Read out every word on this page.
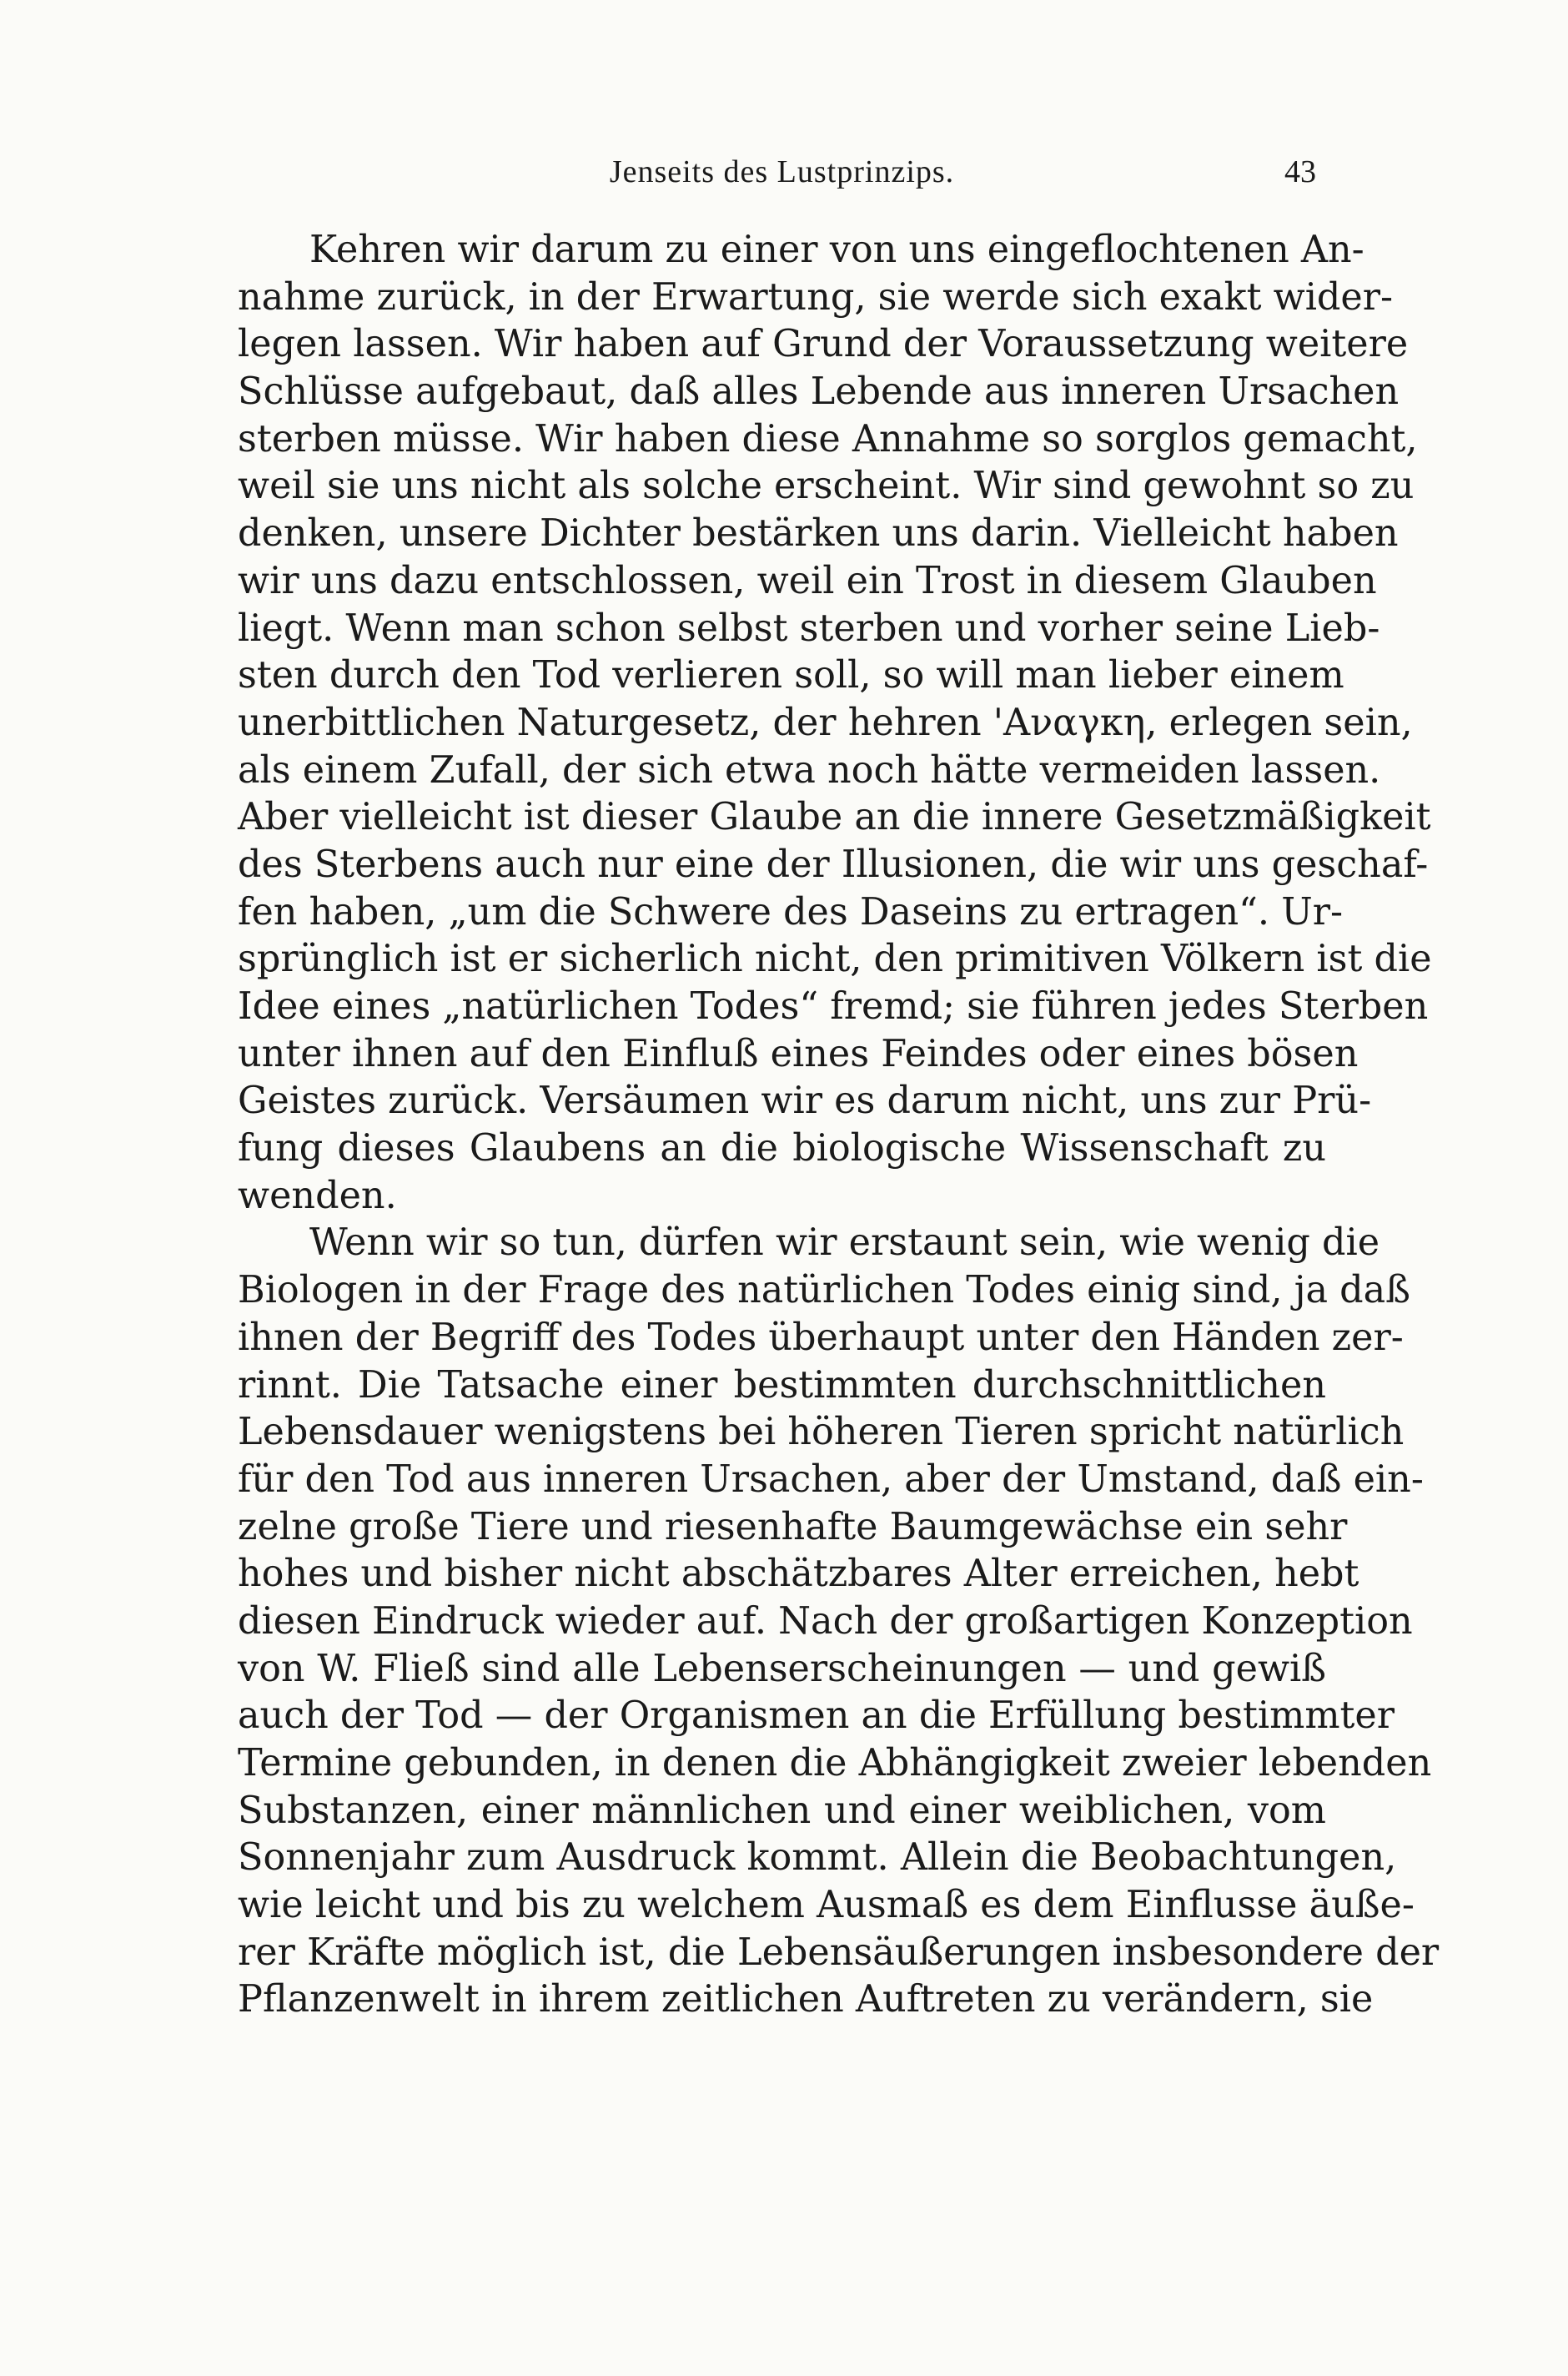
Jenseits des Lustprinzips.	43
Kehren wir darum zu einer von uns eingeflochtenen An-
nahme zurück, in der Erwartung, sie werde sich exakt wider-
legen lassen. Wir haben auf Grund der Voraussetzung weitere
Schlüsse aufgebaut, daß alles Lebende aus inneren Ursachen
sterben müsse. Wir haben diese Annahme so sorglos gemacht,
weil sie uns nicht als solche erscheint. Wir sind gewohnt so zu
denken, unsere Dichter bestärken uns darin. Vielleicht haben
wir uns dazu entschlossen, weil ein Trost in diesem Glauben
liegt. Wenn man schon selbst sterben und vorher seine Lieb-
sten durch den Tod verlieren soll, so will man lieber einem
unerbittlichen Naturgesetz, der hehren 'Αναγκη, erlegen sein,
als einem Zufall, der sich etwa noch hätte vermeiden lassen.
Aber vielleicht ist dieser Glaube an die innere Gesetzmäßigkeit
des Sterbens auch nur eine der Illusionen, die wir uns geschaf-
fen haben, „um die Schwere des Daseins zu ertragen“. Ur-
sprünglich ist er sicherlich nicht, den primitiven Völkern ist die
Idee eines „natürlichen Todes“ fremd; sie führen jedes Sterben
unter ihnen auf den Einfluß eines Feindes oder eines bösen
Geistes zurück. Versäumen wir es darum nicht, uns zur Prü-
fung dieses Glaubens an die biologische Wissenschaft zu
wenden.
Wenn wir so tun, dürfen wir erstaunt sein, wie wenig die
Biologen in der Frage des natürlichen Todes einig sind, ja daß
ihnen der Begriff des Todes überhaupt unter den Händen zer-
rinnt. Die Tatsache einer bestimmten durchschnittlichen
Lebensdauer wenigstens bei höheren Tieren spricht natürlich
für den Tod aus inneren Ursachen, aber der Umstand, daß ein-
zelne große Tiere und riesenhafte Baumgewächse ein sehr
hohes und bisher nicht abschätzbares Alter erreichen, hebt
diesen Eindruck wieder auf. Nach der großartigen Konzeption
von W. Fließ sind alle Lebenserscheinungen — und gewiß
auch der Tod — der Organismen an die Erfüllung bestimmter
Termine gebunden, in denen die Abhängigkeit zweier lebenden
Substanzen, einer männlichen und einer weiblichen, vom
Sonnenjahr zum Ausdruck kommt. Allein die Beobachtungen,
wie leicht und bis zu welchem Ausmaß es dem Einflusse äuße-
rer Kräfte möglich ist, die Lebensäußerungen insbesondere der
Pflanzenwelt in ihrem zeitlichen Auftreten zu verändern, sie
